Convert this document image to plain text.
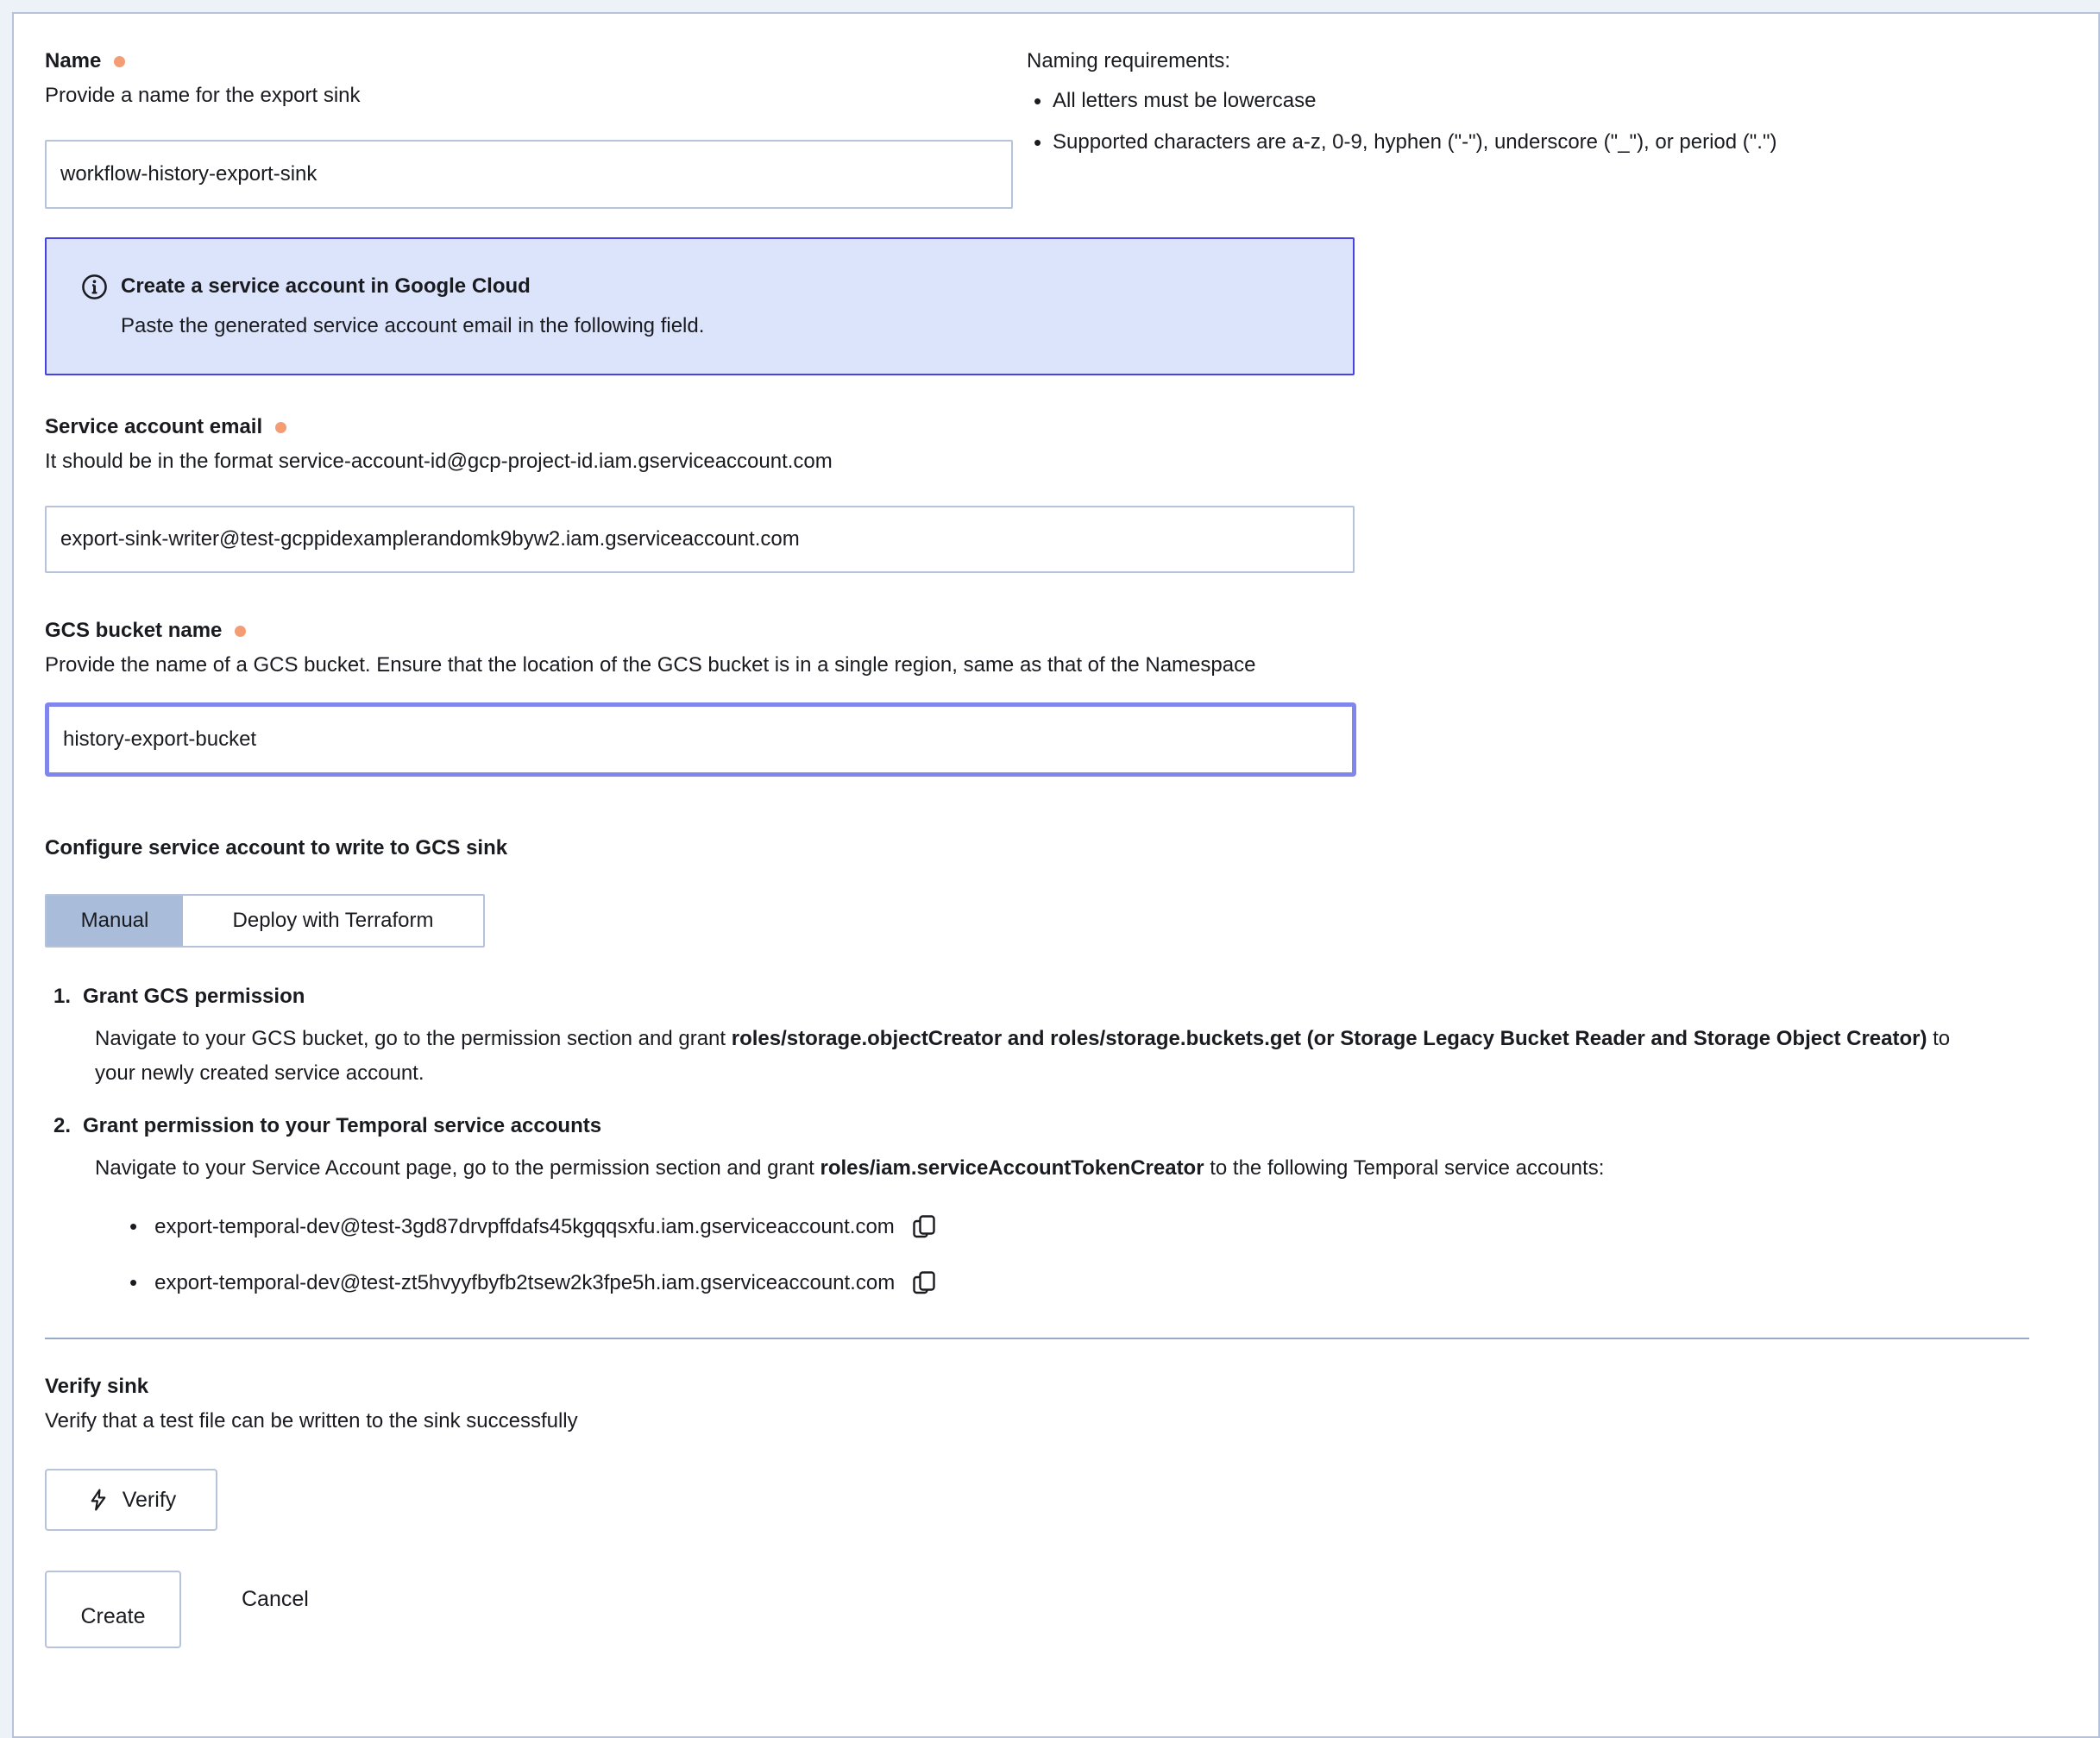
Name
Provide a name for the export sink
workflow-history-export-sink
Naming requirements:
• All letters must be lowercase
• Supported characters are a-z, 0-9, hyphen ("-"), underscore ("_"), or period (".")
Create a service account in Google Cloud
Paste the generated service account email in the following field.
Service account email
It should be in the format service-account-id@gcp-project-id.iam.gserviceaccount.com
export-sink-writer@test-gcppidexamplerandomk9byw2.iam.gserviceaccount.com
GCS bucket name
Provide the name of a GCS bucket. Ensure that the location of the GCS bucket is in a single region, same as that of the Namespace
history-export-bucket
Configure service account to write to GCS sink
Manual	Deploy with Terraform
1. Grant GCS permission
Navigate to your GCS bucket, go to the permission section and grant roles/storage.objectCreator and roles/storage.buckets.get (or Storage Legacy Bucket Reader and Storage Object Creator) to your newly created service account.
2. Grant permission to your Temporal service accounts
Navigate to your Service Account page, go to the permission section and grant roles/iam.serviceAccountTokenCreator to the following Temporal service accounts:
• export-temporal-dev@test-3gd87drvpffdafs45kgqqsxfu.iam.gserviceaccount.com
• export-temporal-dev@test-zt5hvyyfbyfb2tsew2k3fpe5h.iam.gserviceaccount.com
Verify sink
Verify that a test file can be written to the sink successfully
Verify
Create
Cancel
